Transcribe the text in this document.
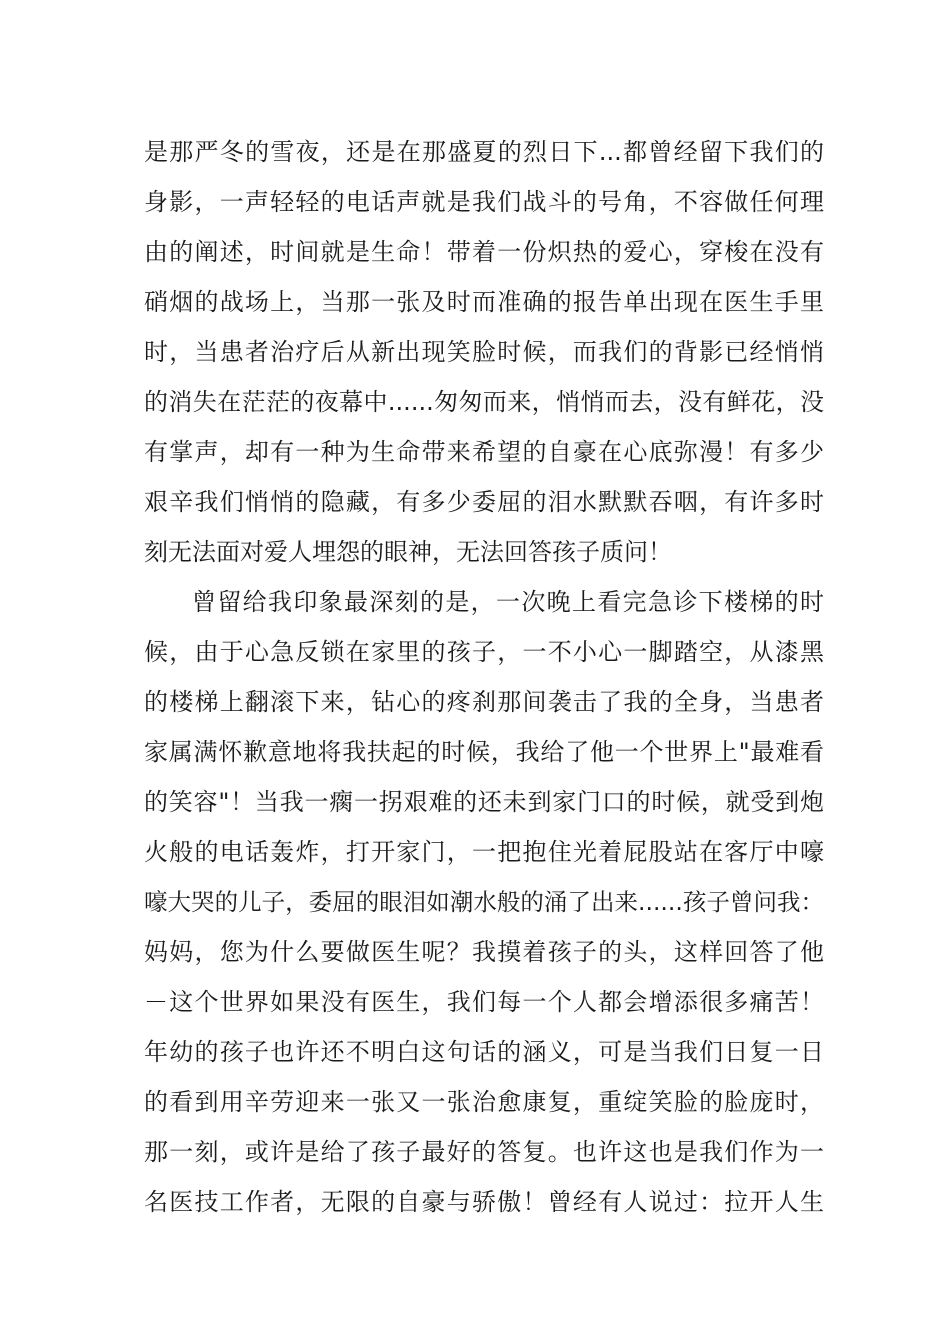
是那严冬的雪夜，还是在那盛夏的烈日下...都曾经留下我们的
身影，一声轻轻的电话声就是我们战斗的号角，不容做任何理
由的阐述，时间就是生命！带着一份炽热的爱心，穿梭在没有
硝烟的战场上，当那一张及时而准确的报告单出现在医生手里
时，当患者治疗后从新出现笑脸时候，而我们的背影已经悄悄
的消失在茫茫的夜幕中......匆匆而来，悄悄而去，没有鲜花，没
有掌声，却有一种为生命带来希望的自豪在心底弥漫！有多少
艰辛我们悄悄的隐藏，有多少委屈的泪水默默吞咽，有许多时
刻无法面对爱人埋怨的眼神，无法回答孩子质问！
曾留给我印象最深刻的是，一次晚上看完急诊下楼梯的时
候，由于心急反锁在家里的孩子，一不小心一脚踏空，从漆黑
的楼梯上翻滚下来，钻心的疼刹那间袭击了我的全身，当患者
家属满怀歉意地将我扶起的时候，我给了他一个世界上"最难看
的笑容"！当我一瘸一拐艰难的还未到家门口的时候，就受到炮
火般的电话轰炸，打开家门，一把抱住光着屁股站在客厅中嚎
嚎大哭的儿子，委屈的眼泪如潮水般的涌了出来......孩子曾问我：
妈妈，您为什么要做医生呢？我摸着孩子的头，这样回答了他
－这个世界如果没有医生，我们每一个人都会增添很多痛苦！
年幼的孩子也许还不明白这句话的涵义，可是当我们日复一日
的看到用辛劳迎来一张又一张治愈康复，重绽笑脸的脸庞时，
那一刻，或许是给了孩子最好的答复。也许这也是我们作为一
名医技工作者，无限的自豪与骄傲！曾经有人说过：拉开人生
